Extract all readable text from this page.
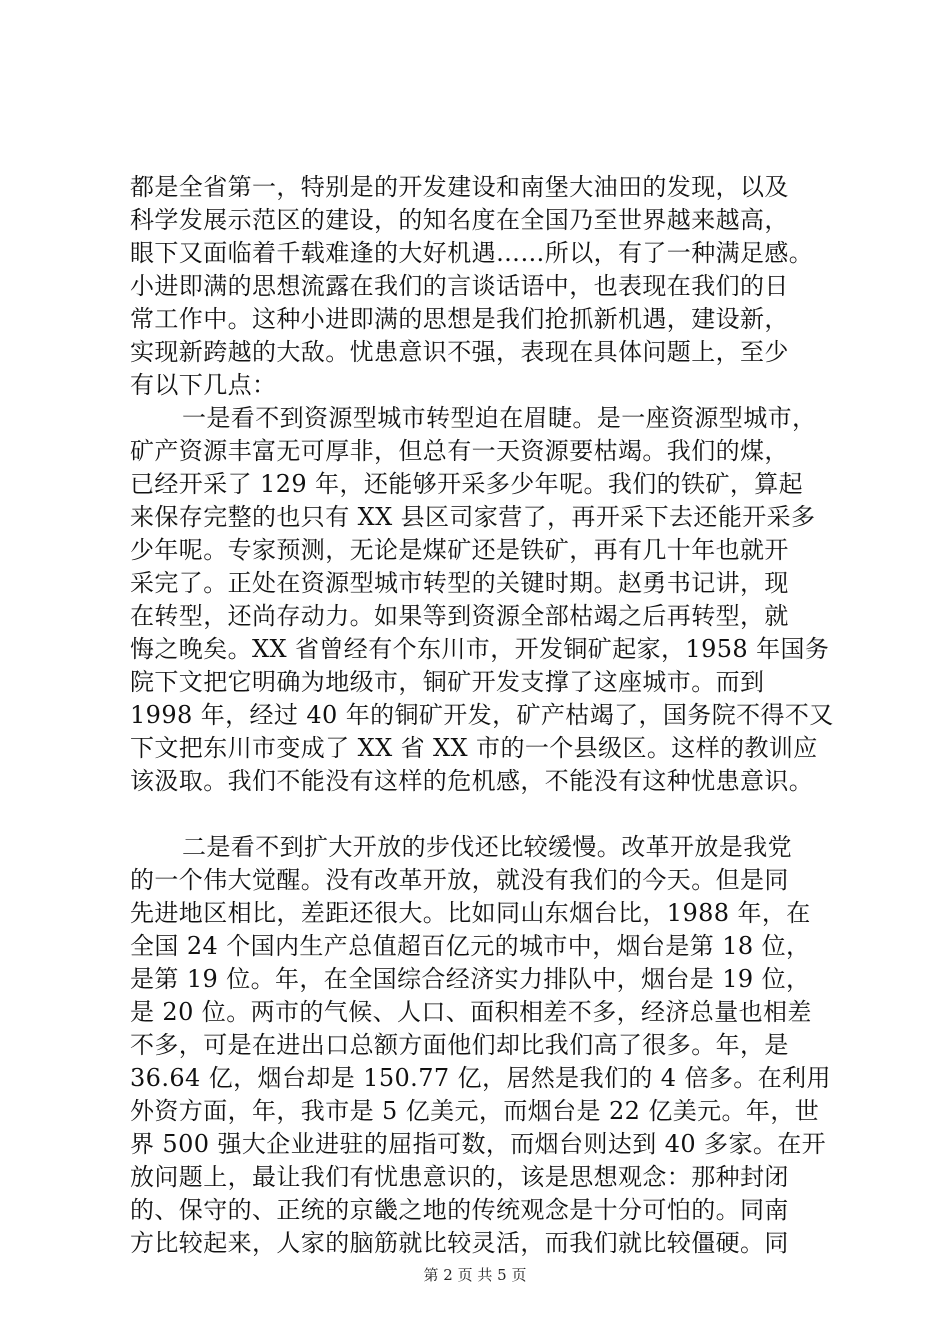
都是全省第一，特别是的开发建设和南堡大油田的发现，以及
科学发展示范区的建设，的知名度在全国乃至世界越来越高，
眼下又面临着千载难逢的大好机遇……所以，有了一种满足感。
小进即满的思想流露在我们的言谈话语中，也表现在我们的日
常工作中。这种小进即满的思想是我们抢抓新机遇，建设新，
实现新跨越的大敌。忧患意识不强，表现在具体问题上，至少
有以下几点：
一是看不到资源型城市转型迫在眉睫。是一座资源型城市，
矿产资源丰富无可厚非，但总有一天资源要枯竭。我们的煤，
已经开采了 129 年，还能够开采多少年呢。我们的铁矿，算起
来保存完整的也只有 XX 县区司家营了，再开采下去还能开采多
少年呢。专家预测，无论是煤矿还是铁矿，再有几十年也就开
采完了。正处在资源型城市转型的关键时期。赵勇书记讲，现
在转型，还尚存动力。如果等到资源全部枯竭之后再转型，就
悔之晚矣。XX 省曾经有个东川市，开发铜矿起家，1958 年国务
院下文把它明确为地级市，铜矿开发支撑了这座城市。而到
1998 年，经过 40 年的铜矿开发，矿产枯竭了，国务院不得不又
下文把东川市变成了 XX 省 XX 市的一个县级区。这样的教训应
该汲取。我们不能没有这样的危机感，不能没有这种忧患意识。
二是看不到扩大开放的步伐还比较缓慢。改革开放是我党
的一个伟大觉醒。没有改革开放，就没有我们的今天。但是同
先进地区相比，差距还很大。比如同山东烟台比，1988 年，在
全国 24 个国内生产总值超百亿元的城市中，烟台是第 18 位，
是第 19 位。年，在全国综合经济实力排队中，烟台是 19 位，
是 20 位。两市的气候、人口、面积相差不多，经济总量也相差
不多，可是在进出口总额方面他们却比我们高了很多。年，是
36.64 亿，烟台却是 150.77 亿，居然是我们的 4 倍多。在利用
外资方面，年，我市是 5 亿美元，而烟台是 22 亿美元。年，世
界 500 强大企业进驻的屈指可数，而烟台则达到 40 多家。在开
放问题上，最让我们有忧患意识的，该是思想观念：那种封闭
的、保守的、正统的京畿之地的传统观念是十分可怕的。同南
方比较起来，人家的脑筋就比较灵活，而我们就比较僵硬。同
第 2 页 共 5 页
